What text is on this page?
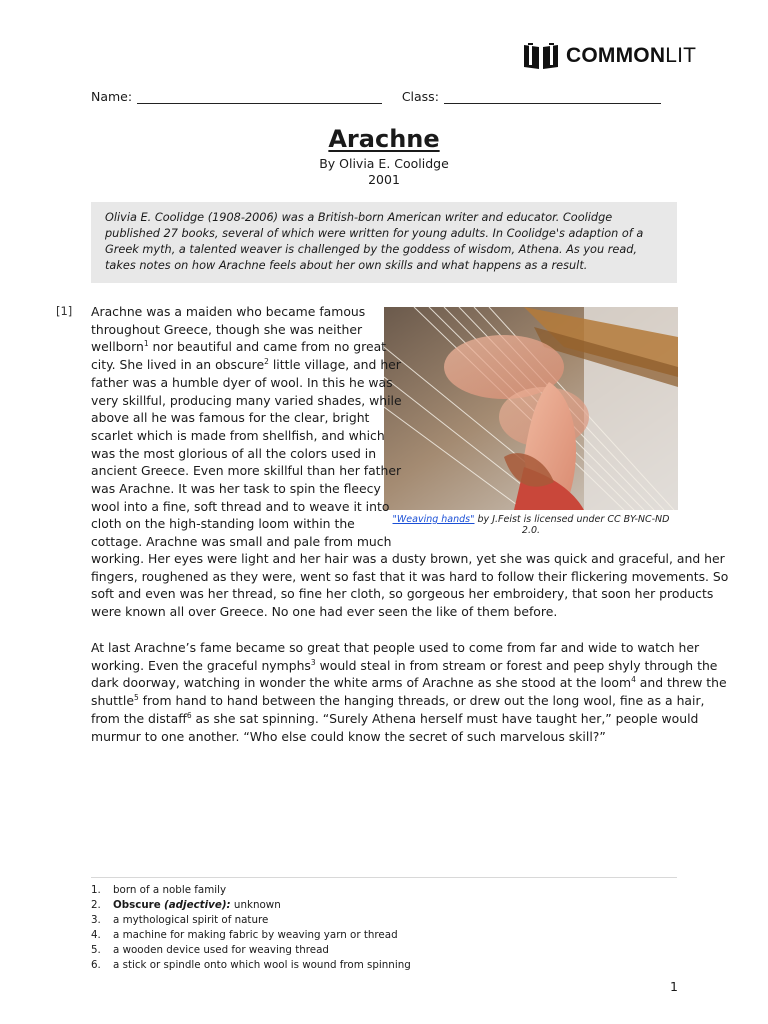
COMMONLIT
Name:	Class:
Arachne
By Olivia E. Coolidge
2001
Olivia E. Coolidge (1908-2006) was a British-born American writer and educator. Coolidge published 27 books, several of which were written for young adults. In Coolidge's adaption of a Greek myth, a talented weaver is challenged by the goddess of wisdom, Athena. As you read, takes notes on how Arachne feels about her own skills and what happens as a result.
[1]
"Weaving hands" by J.Feist is licensed under CC BY-NC-ND 2.0.
Arachne was a maiden who became famous
throughout Greece, though she was neither
wellborn$^1$ nor beautiful and came from no great
city. She lived in an obscure$^2$ little village, and her
father was a humble dyer of wool. In this he was
very skillful, producing many varied shades, while
above all he was famous for the clear, bright
scarlet which is made from shellfish, and which
was the most glorious of all the colors used in
ancient Greece. Even more skillful than her father
was Arachne. It was her task to spin the fleecy
wool into a fine, soft thread and to weave it into
cloth on the high-standing loom within the
cottage. Arachne was small and pale from much
working. Her eyes were light and her hair was a dusty brown, yet she was quick and graceful, and her
fingers, roughened as they were, went so fast that it was hard to follow their flickering movements. So
soft and even was her thread, so fine her cloth, so gorgeous her embroidery, that soon her products
were known all over Greece. No one had ever seen the like of them before.
At last Arachne’s fame became so great that people used to come from far and wide to watch her
working. Even the graceful nymphs$^3$ would steal in from stream or forest and peep shyly through the
dark doorway, watching in wonder the white arms of Arachne as she stood at the loom$^4$ and threw the
shuttle$^5$ from hand to hand between the hanging threads, or drew out the long wool, fine as a hair,
from the distaff$^6$ as she sat spinning. “Surely Athena herself must have taught her,” people would
murmur to one another. “Who else could know the secret of such marvelous skill?”
1.	born of a noble family
2.	Obscure
(adjective): unknown
3.	a mythological spirit of nature
4.	a machine for making fabric by weaving yarn or thread
5.	a wooden device used for weaving thread
6.	a stick or spindle onto which wool is wound from spinning
1
